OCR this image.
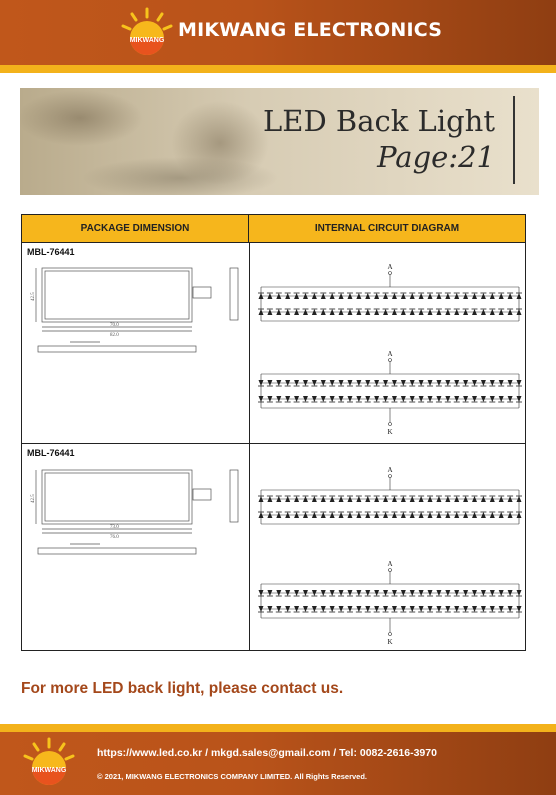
MIKWANG MIKWANG ELECTRONICS
LED Back Light
Page:21
PACKAGE DIMENSION	INTERNAL CIRCUIT DIAGRAM
MBL-76441
42.5
70.0
82.0
A
A
K
MBL-76441
42.5
73.0
76.0
A
A
K
For more LED back light, please contact us.
MIKWANG
https://www.led.co.kr / mkgd.sales@gmail.com / Tel: 0082-2616-3970
© 2021, MIKWANG ELECTRONICS COMPANY LIMITED. All Rights Reserved.
